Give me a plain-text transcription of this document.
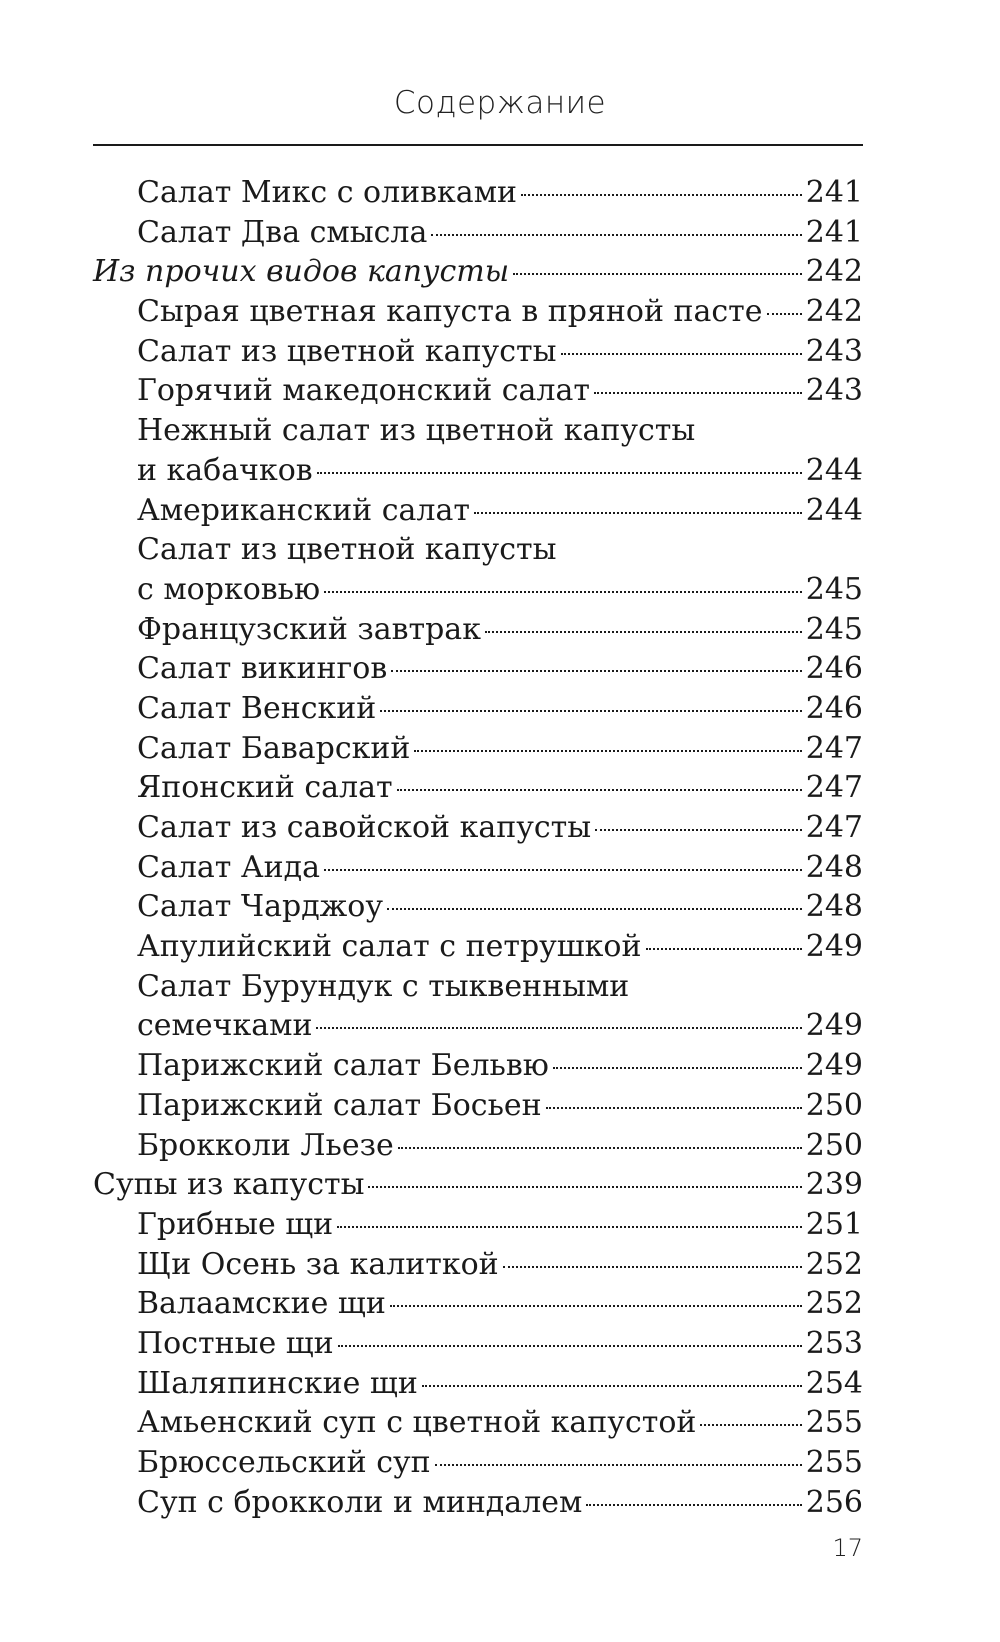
Содержание
Салат Микс с оливками	241
Салат Два смысла	241
Из прочих видов капусты	242
Сырая цветная капуста в пряной пасте 242
Салат из цветной капусты	243
Горячий македонский салат	243
Нежный салат из цветной капусты
и кабачков	244
Американский салат	244
Салат из цветной капусты
с морковью	245
Французский завтрак	245
Салат викингов	246
Салат Венский	246
Салат Баварский	247
Японский салат	247
Салат из савойской капусты	247
Салат Аида	248
Салат Чарджоу	248
Апулийский салат с петрушкой	249
Салат Бурундук с тыквенными
семечками	249
Парижский салат Бельвю	249
Парижский салат Босьен	250
Брокколи Льезе	250
Супы из капусты	239
Грибные щи	251
Щи Осень за калиткой	252
Валаамские щи	252
Постные щи	253
Шаляпинские щи	254
Амьенский суп с цветной капустой	255
Брюссельский суп	255
Суп с брокколи и миндалем	256
17
